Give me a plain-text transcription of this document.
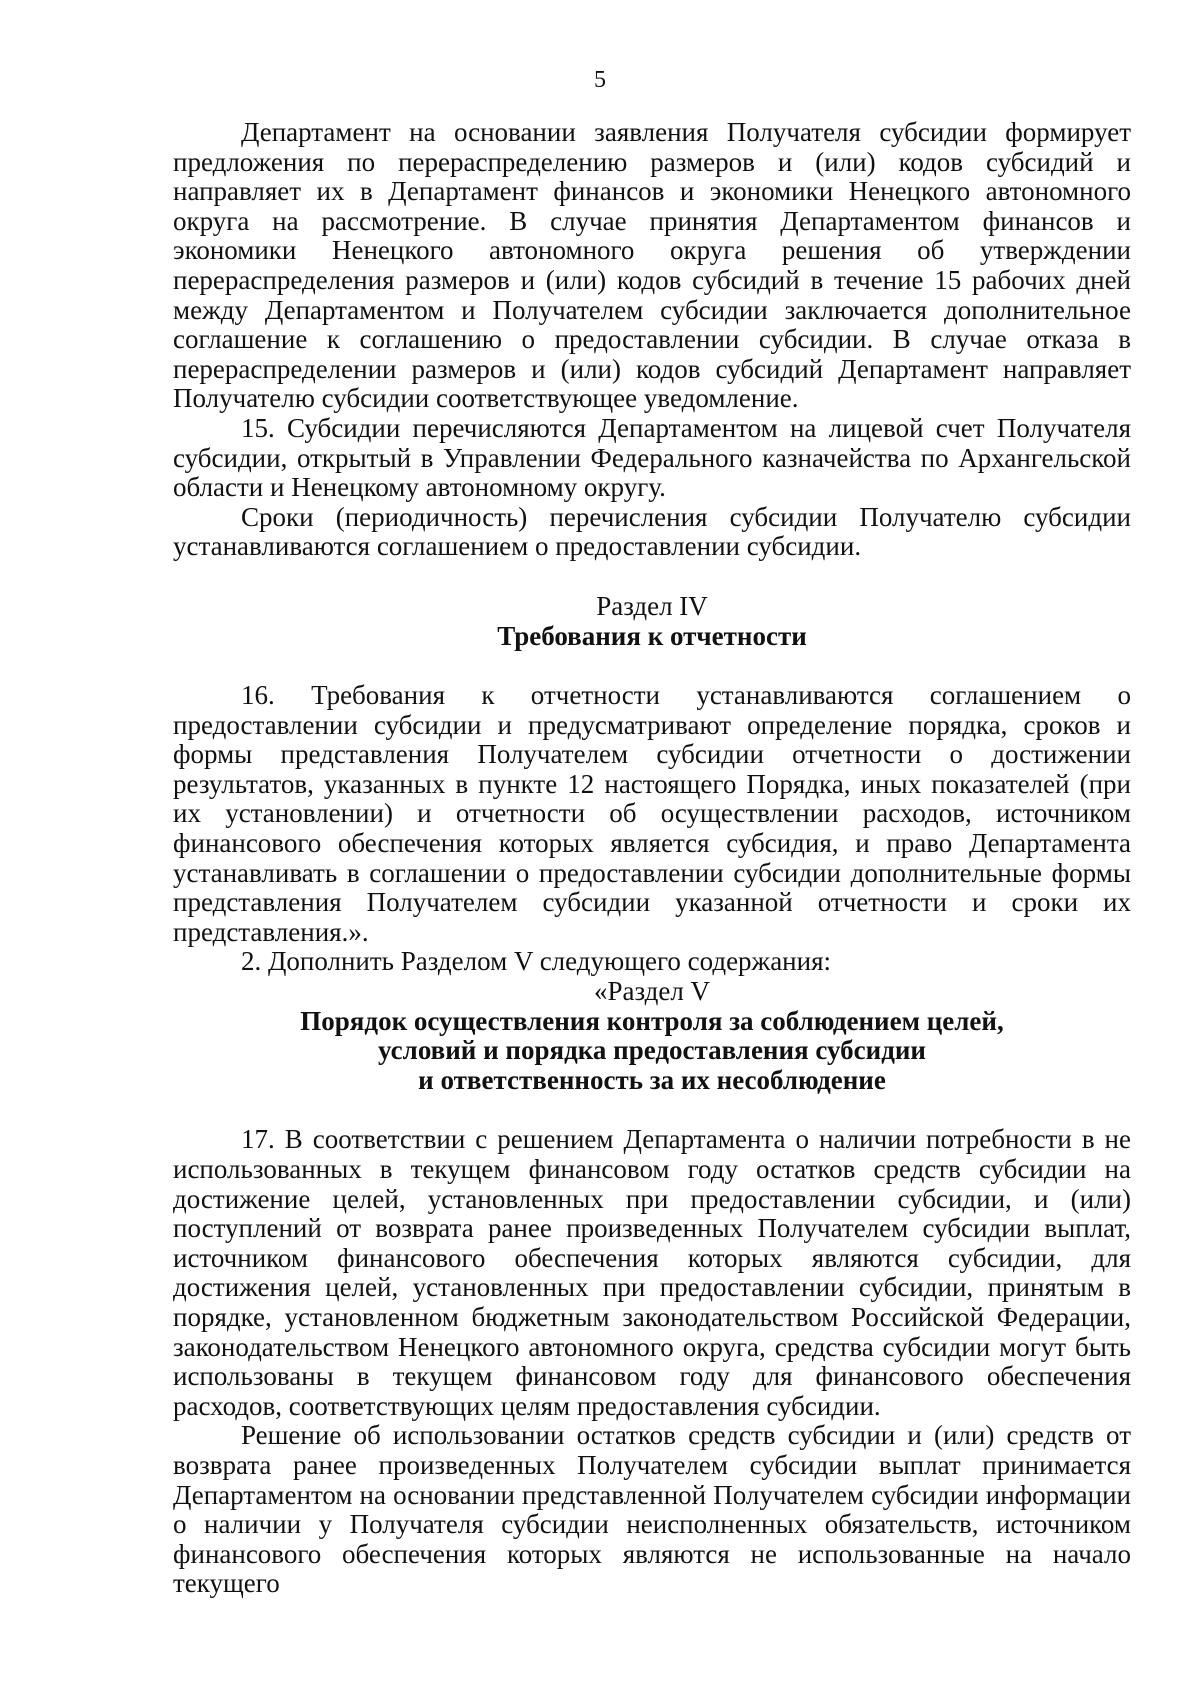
5

Департамент на основании заявления Получателя субсидии формирует предложения по перераспределению размеров и (или) кодов субсидий и направляет их в Департамент финансов и экономики Ненецкого автономного округа на рассмотрение. В случае принятия Департаментом финансов и экономики Ненецкого автономного округа решения об утверждении перераспределения размеров и (или) кодов субсидий в течение 15 рабочих дней между Департаментом и Получателем субсидии заключается дополнительное соглашение к соглашению о предоставлении субсидии. В случае отказа в перераспределении размеров и (или) кодов субсидий Департамент направляет Получателю субсидии соответствующее уведомление.

15. Субсидии перечисляются Департаментом на лицевой счет Получателя субсидии, открытый в Управлении Федерального казначейства по Архангельской области и Ненецкому автономному округу.

Сроки (периодичность) перечисления субсидии Получателю субсидии устанавливаются соглашением о предоставлении субсидии.

Раздел IV

Требования к отчетности

16. Требования к отчетности устанавливаются соглашением о предоставлении субсидии и предусматривают определение порядка, сроков и формы представления Получателем субсидии отчетности о достижении результатов, указанных в пункте 12 настоящего Порядка, иных показателей (при их установлении) и отчетности об осуществлении расходов, источником финансового обеспечения которых является субсидия, и право Департамента устанавливать в соглашении о предоставлении субсидии дополнительные формы представления Получателем субсидии указанной отчетности и сроки их представления.».

2. Дополнить Разделом V следующего содержания:

«Раздел V

Порядок осуществления контроля за соблюдением целей,

условий и порядка предоставления субсидии

и ответственность за их несоблюдение

17. В соответствии с решением Департамента о наличии потребности в не использованных в текущем финансовом году остатков средств субсидии на достижение целей, установленных при предоставлении субсидии, и (или) поступлений от возврата ранее произведенных Получателем субсидии выплат, источником финансового обеспечения которых являются субсидии, для достижения целей, установленных при предоставлении субсидии, принятым в порядке, установленном бюджетным законодательством Российской Федерации, законодательством Ненецкого автономного округа, средства субсидии могут быть использованы в текущем финансовом году для финансового обеспечения расходов, соответствующих целям предоставления субсидии.

Решение об использовании остатков средств субсидии и (или) средств от возврата ранее произведенных Получателем субсидии выплат принимается Департаментом на основании представленной Получателем субсидии информации о наличии у Получателя субсидии неисполненных обязательств, источником финансового обеспечения которых являются не использованные на начало текущего
